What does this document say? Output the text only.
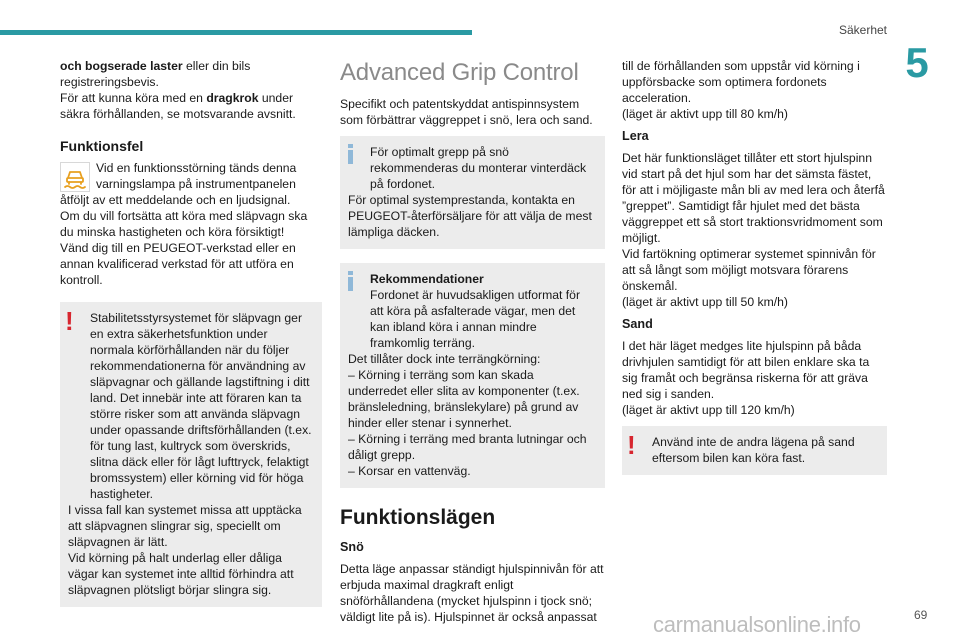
Säkerhet
5

och bogserade laster eller din bils registreringsbevis.

För att kunna köra med en dragkrok under säkra förhållanden, se motsvarande avsnitt.

Funktionsfel

Vid en funktionsstörning tänds denna varningslampa på instrumentpanelen åtföljt av ett meddelande och en ljudsignal.

Om du vill fortsätta att köra med släpvagn ska du minska hastigheten och köra försiktigt!

Vänd dig till en PEUGEOT-verkstad eller en annan kvalificerad verkstad för att utföra en kontroll.

!	Stabilitetsstyrsystemet för släpvagn ger en extra säkerhetsfunktion under normala körförhållanden när du följer rekommendationerna för användning av släpvagnar och gällande lagstiftning i ditt land. Det innebär inte att föraren kan ta större risker som att använda släpvagn under opassande driftsförhållanden (t.ex. för tung last, kultryck som överskrids, slitna däck eller för lågt lufttryck, felaktigt bromssystem) eller körning vid för höga hastigheter.

I vissa fall kan systemet missa att upptäcka att släpvagnen slingrar sig, speciellt om släpvagnen är lätt.

Vid körning på halt underlag eller dåliga vägar kan systemet inte alltid förhindra att släpvagnen plötsligt börjar slingra sig.

Advanced Grip Control

Specifikt och patentskyddat antispinnsystem som förbättrar väggreppet i snö, lera och sand.

För optimalt grepp på snö rekommenderas du monterar vinterdäck på fordonet.

För optimal systemprestanda, kontakta en PEUGEOT-återförsäljare för att välja de mest lämpliga däcken.

Rekommendationer

Fordonet är huvudsakligen utformat för att köra på asfalterade vägar, men det kan ibland köra i annan mindre framkomlig terräng.

Det tillåter dock inte terrängkörning:

– Körning i terräng som kan skada underredet eller slita av komponenter (t.ex. bränsleledning, bränslekylare) på grund av hinder eller stenar i synnerhet.

– Körning i terräng med branta lutningar och dåligt grepp.

– Korsar en vattenväg.

Funktionslägen
Snö

Detta läge anpassar ständigt hjulspinnivån för att erbjuda maximal dragkraft enligt snöförhållandena (mycket hjulspinn i tjock snö; väldigt lite på is). Hjulspinnet är också anpassat

till de förhållanden som uppstår vid körning i uppförsbacke som optimera fordonets acceleration.

(läget är aktivt upp till 80 km/h)

Lera

Det här funktionsläget tillåter ett stort hjulspinn vid start på det hjul som har det sämsta fästet, för att i möjligaste mån bli av med lera och återfå ”greppet”. Samtidigt får hjulet med det bästa väggreppet ett så stort traktionsvridmoment som möjligt.

Vid fartökning optimerar systemet spinnivån för att så långt som möjligt motsvara förarens önskemål.

(läget är aktivt upp till 50 km/h)

Sand

I det här läget medges lite hjulspinn på båda drivhjulen samtidigt för att bilen enklare ska ta sig framåt och begränsa riskerna för att gräva ned sig i sanden.

(läget är aktivt upp till 120 km/h)

!	Använd inte de andra lägena på sand eftersom bilen kan köra fast.

carmanualsonline.info	69
